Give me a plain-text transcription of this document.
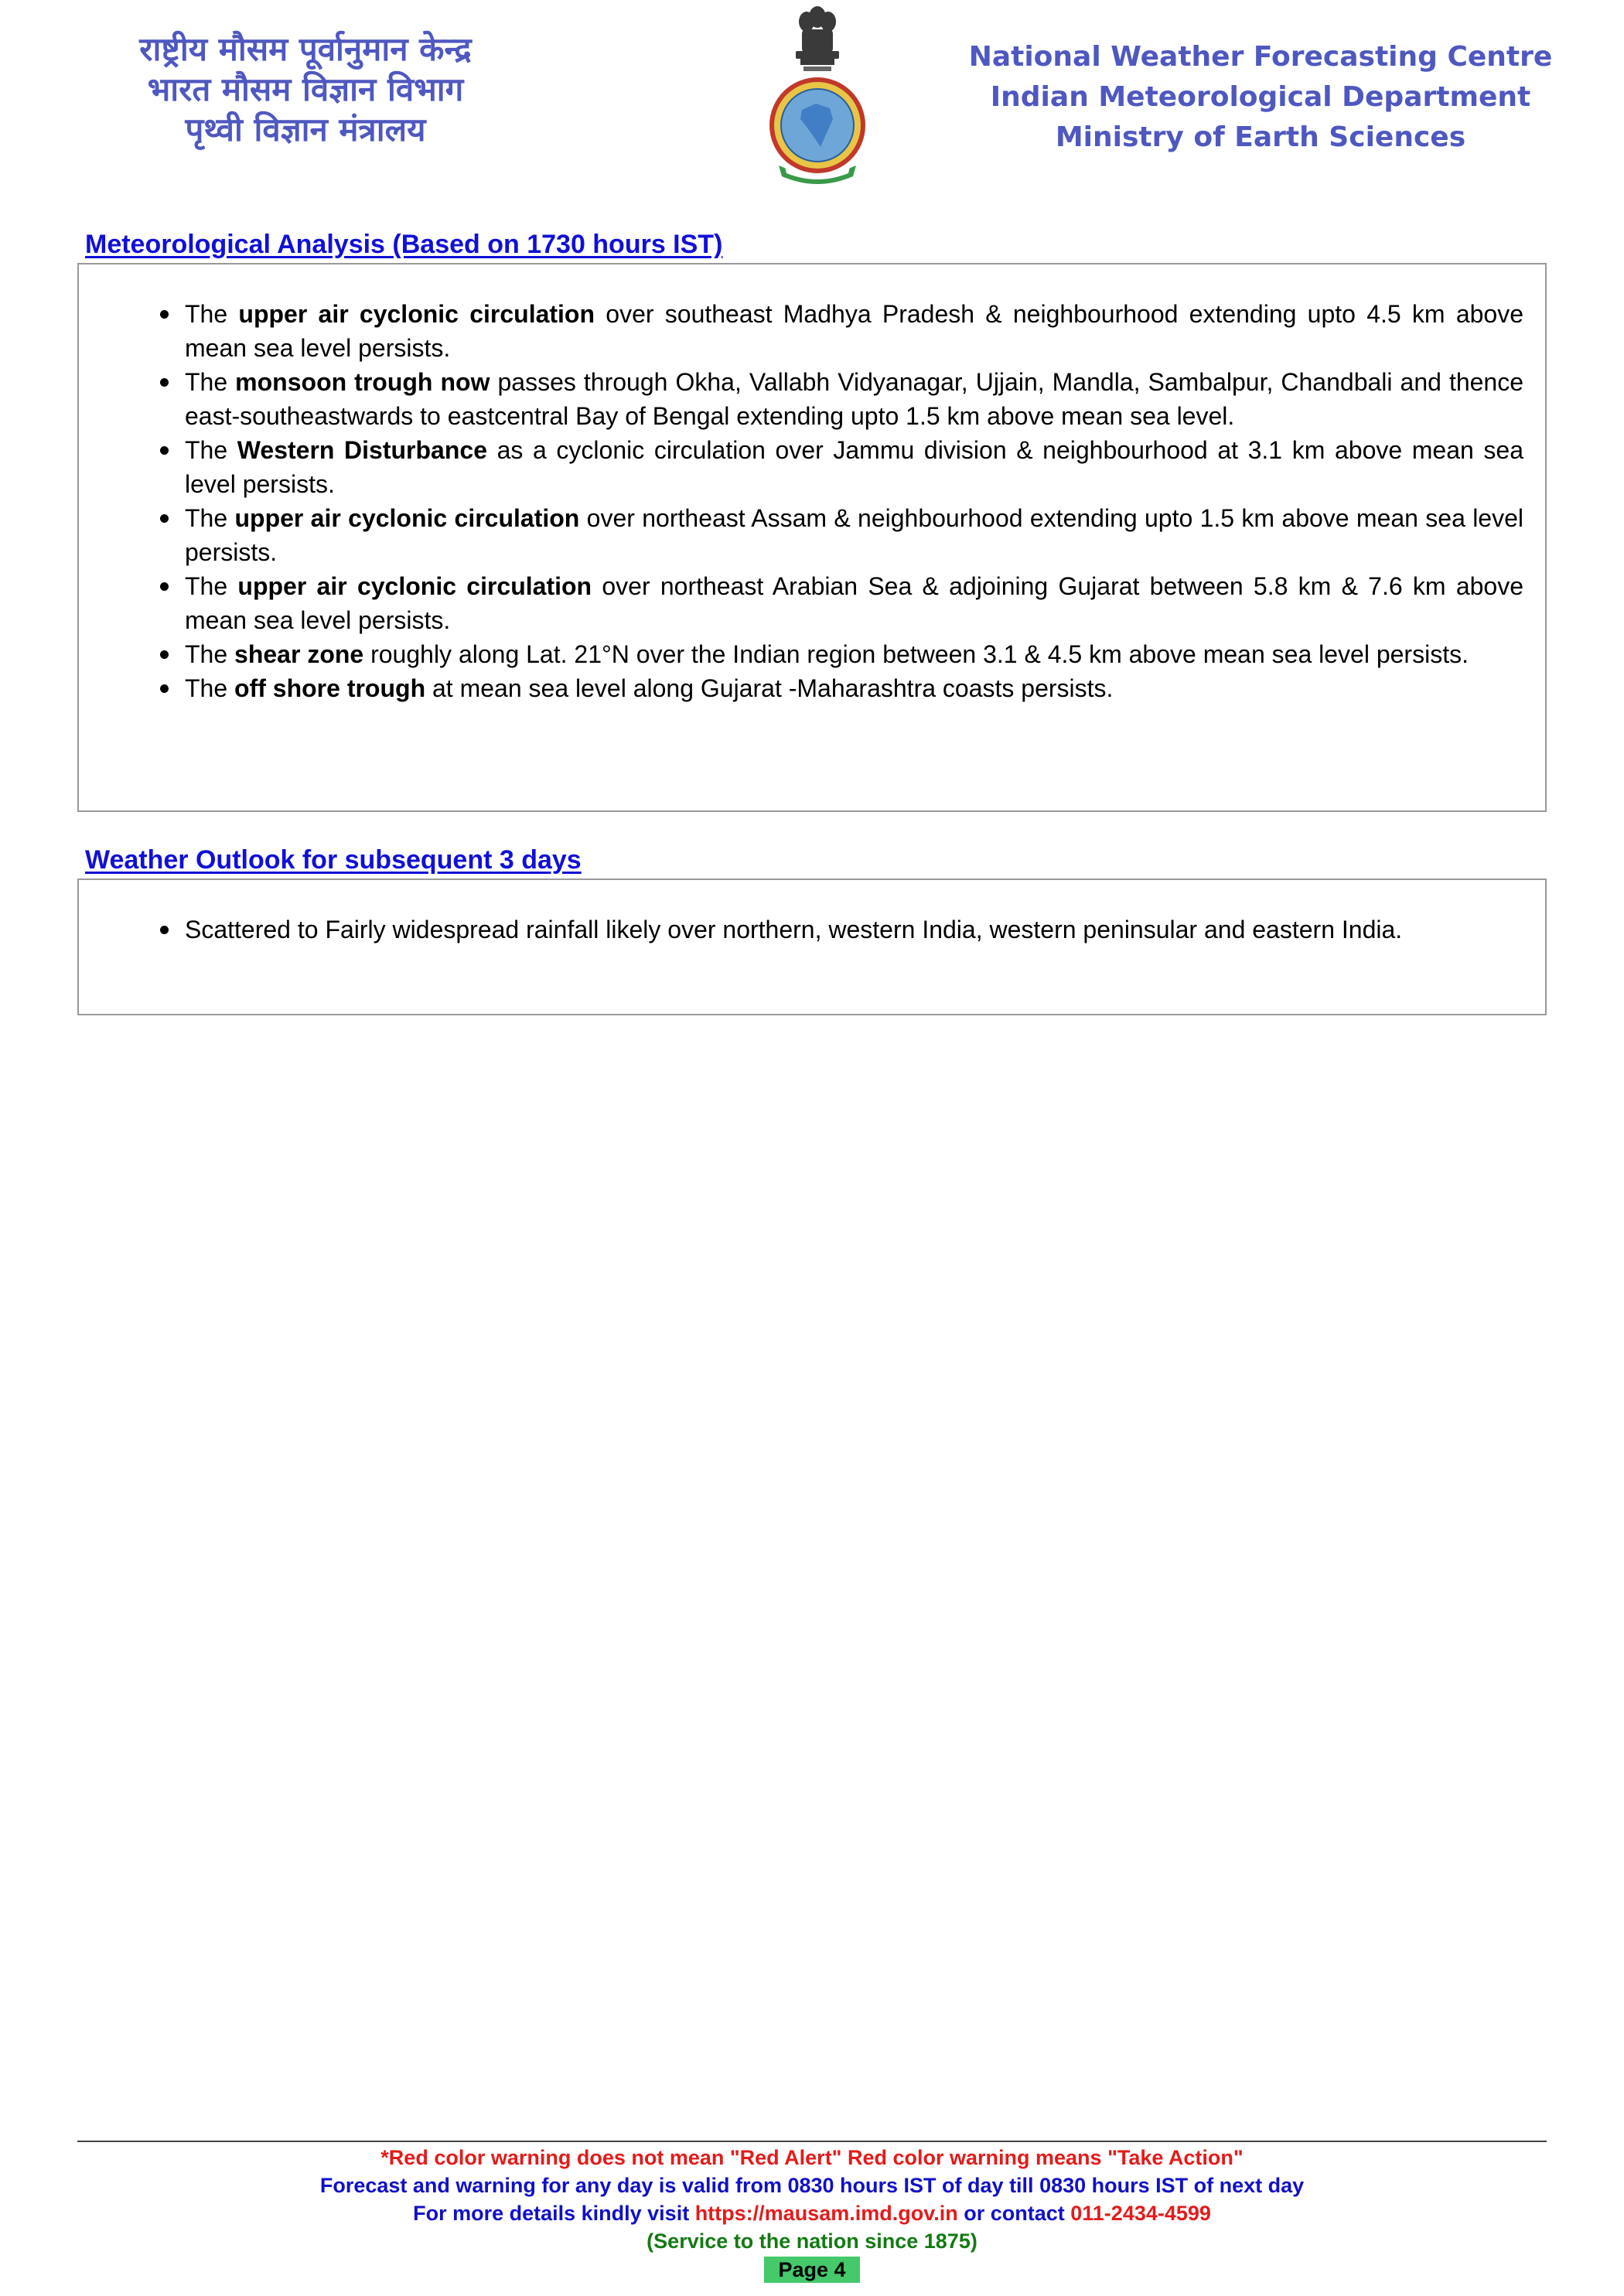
राष्ट्रीय मौसम पूर्वानुमान केन्द्र
भारत मौसम विज्ञान विभाग
पृथ्वी विज्ञान मंत्रालय
National Weather Forecasting Centre
Indian Meteorological Department
Ministry of Earth Sciences
Meteorological Analysis (Based on 1730 hours IST)
The upper air cyclonic circulation over southeast Madhya Pradesh & neighbourhood extending upto 4.5 km above mean sea level persists.
The monsoon trough now passes through Okha, Vallabh Vidyanagar, Ujjain, Mandla, Sambalpur, Chandbali and thence east-southeastwards to eastcentral Bay of Bengal extending upto 1.5 km above mean sea level.
The Western Disturbance as a cyclonic circulation over Jammu division & neighbourhood at 3.1 km above mean sea level persists.
The upper air cyclonic circulation over northeast Assam & neighbourhood extending upto 1.5 km above mean sea level persists.
The upper air cyclonic circulation over northeast Arabian Sea & adjoining Gujarat between 5.8 km & 7.6 km above mean sea level persists.
The shear zone roughly along Lat. 21°N over the Indian region between 3.1 & 4.5 km above mean sea level persists.
The off shore trough at mean sea level along Gujarat -Maharashtra coasts persists.
Weather Outlook for subsequent 3 days
Scattered to Fairly widespread rainfall likely over northern, western India, western peninsular and eastern India.
*Red color warning does not mean "Red Alert" Red color warning means "Take Action"
Forecast and warning for any day is valid from 0830 hours IST of day till 0830 hours IST of next day
For more details kindly visit https://mausam.imd.gov.in or contact 011-2434-4599
(Service to the nation since 1875)
Page 4
